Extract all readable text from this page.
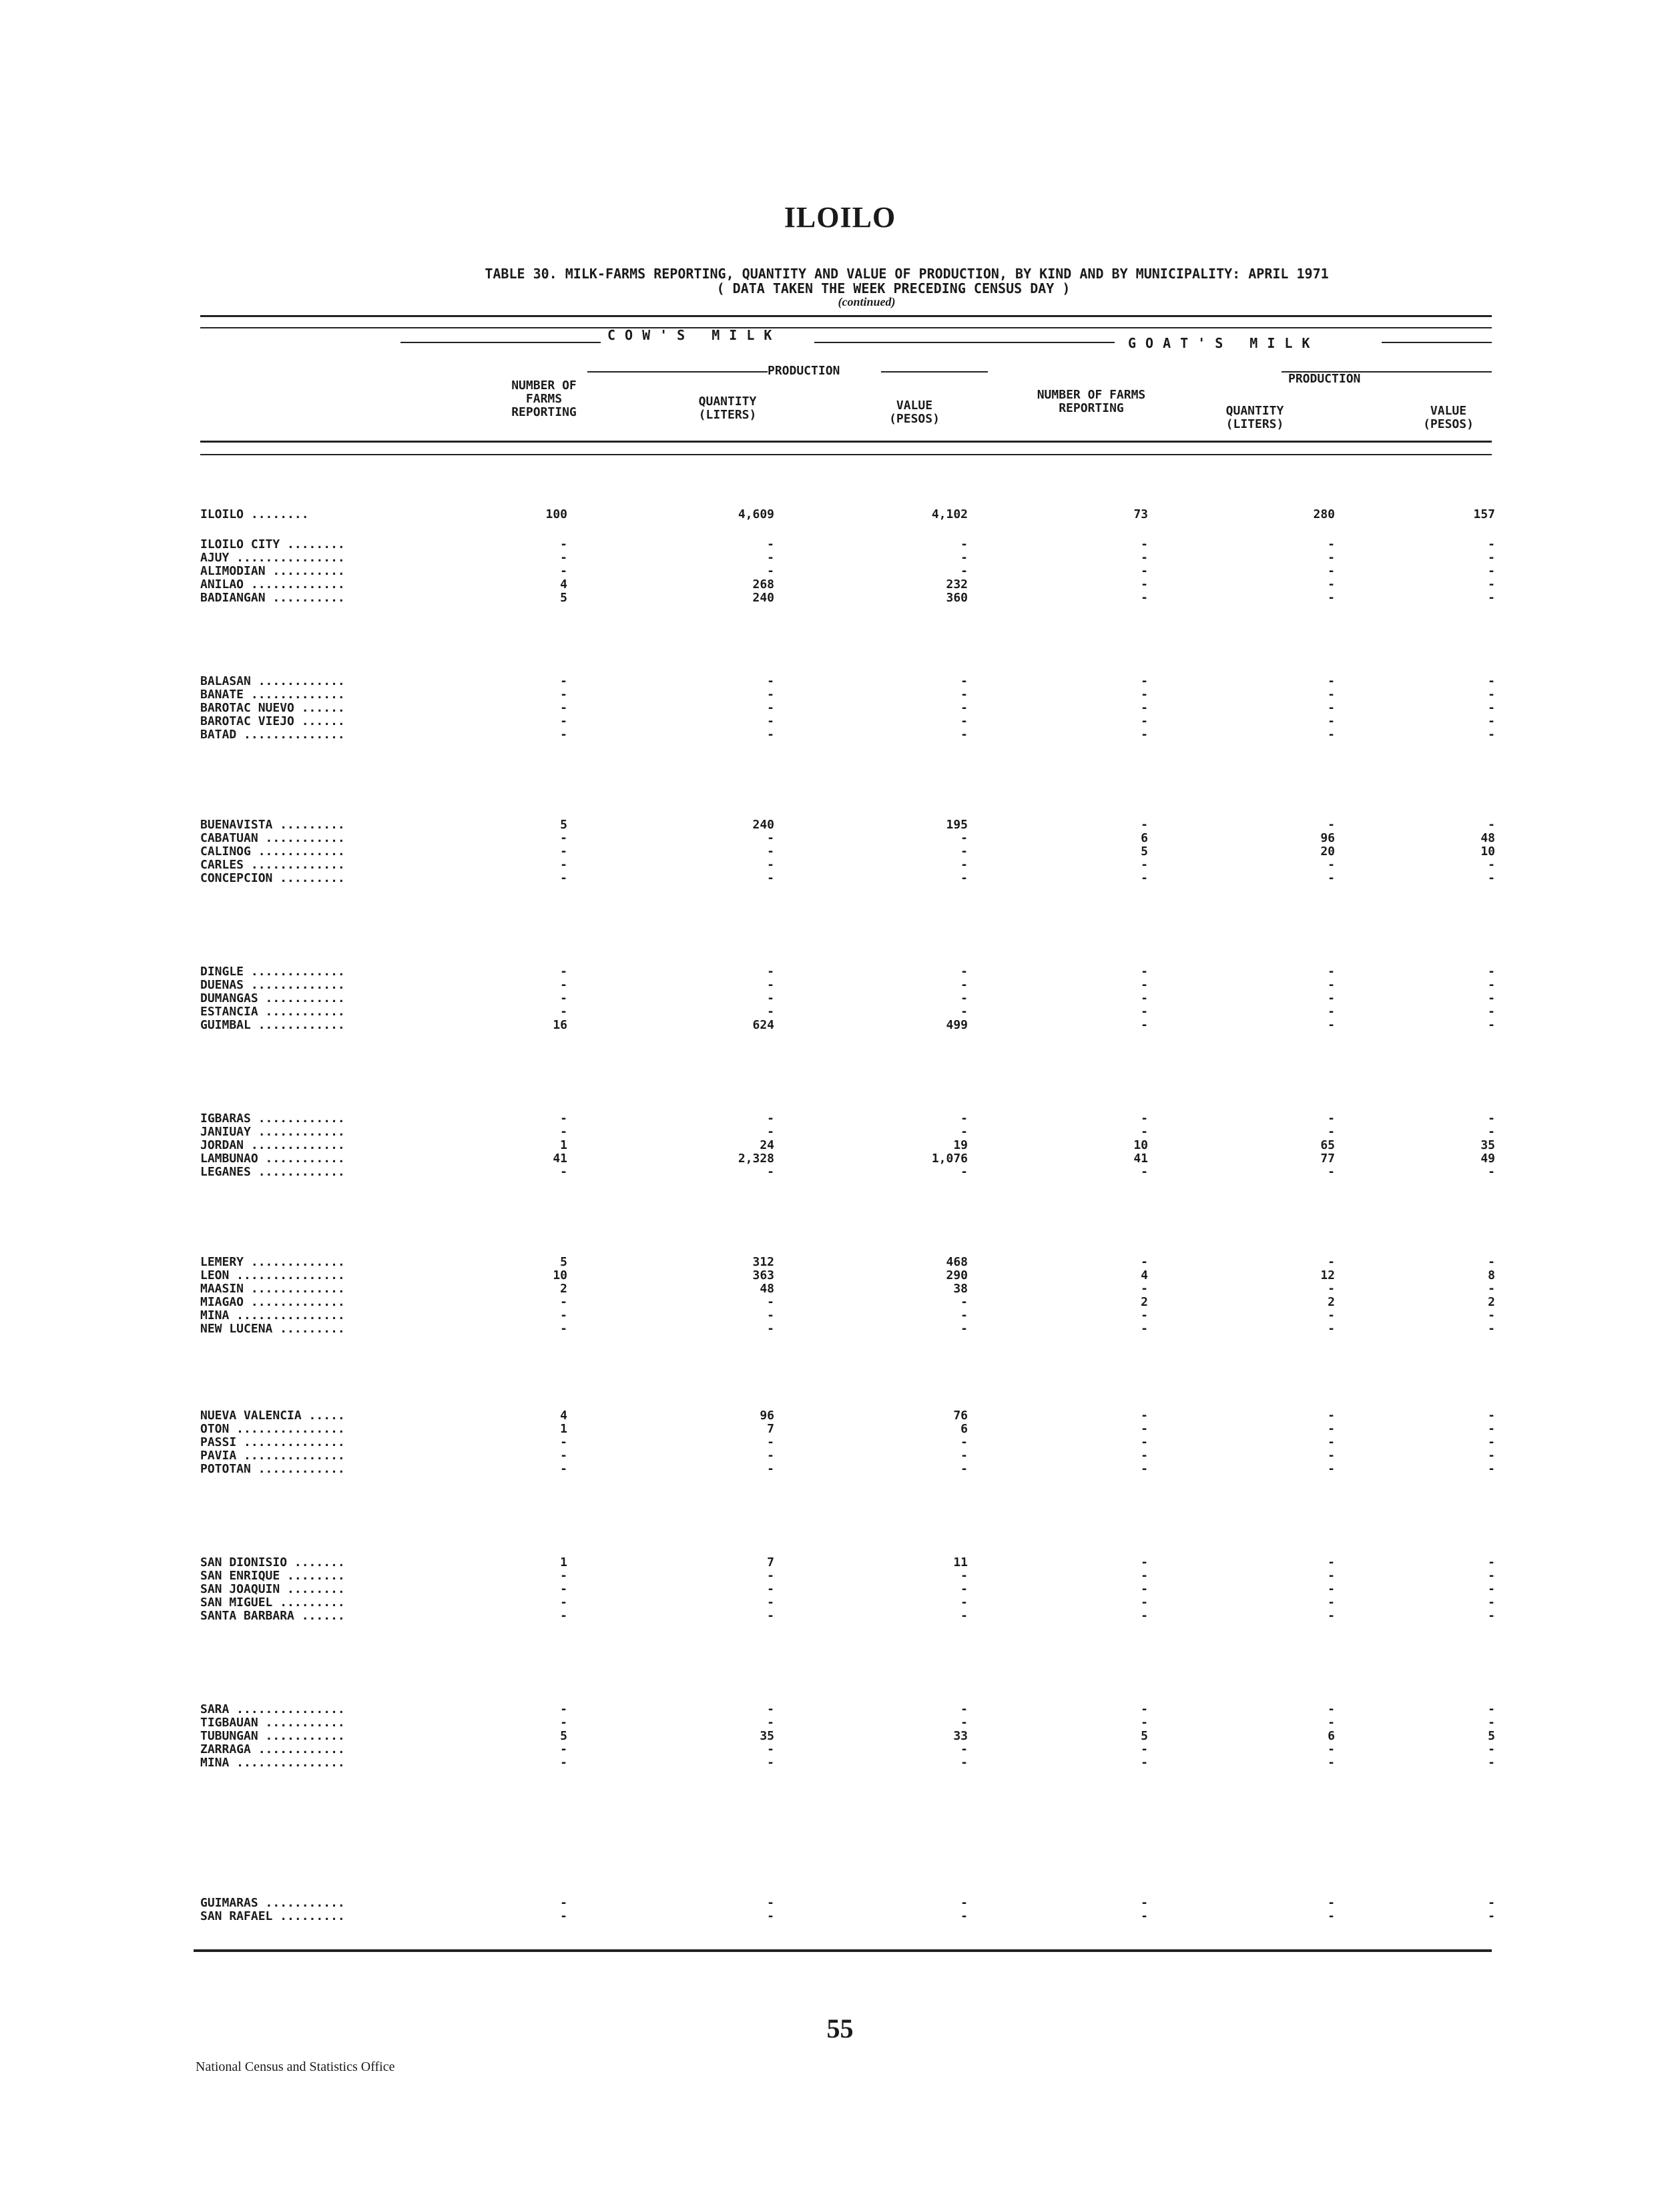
ILOILO
TABLE 30. MILK-FARMS REPORTING, QUANTITY AND VALUE OF PRODUCTION, BY KIND AND BY MUNICIPALITY: APRIL 1971
( DATA TAKEN THE WEEK PRECEDING CENSUS DAY )
(continued)
COW'S MILK	GOAT'S MILK
PRODUCTION
PRODUCTION
NUMBER OF FARMS REPORTING
QUANTITY (LITERS)
VALUE (PESOS)
NUMBER OF FARMS REPORTING	QUANTITY (LITERS)
VALUE (PESOS)
ILOILO ........	100	4,609	4,102	73	280	157
ILOILO CITY ........	-	-	-	-	-	-
AJUY ...............	-	-	-	-	-	-
ALIMODIAN ..........	-	-	-	-	-	-
ANILAO .............	4	268	232	-	-	-
BADIANGAN ..........	5	240	360	-	-	-
BALASAN ............	-	-	-	-	-	-
BANATE .............	-	-	-	-	-	-
BAROTAC NUEVO ......	-	-	-	-	-	-
BAROTAC VIEJO ......	-	-	-	-	-	-
BATAD ..............	-	-	-	-	-	-
BUENAVISTA .........	5	240	195	-	-	-
CABATUAN ...........	-	-	-	6	96	48
CALINOG ............	-	-	-	5	20	10
CARLES .............	-	-	-	-	-	-
CONCEPCION .........	-	-	-	-	-	-
DINGLE .............	-	-	-	-	-	-
DUENAS .............	-	-	-	-	-	-
DUMANGAS ...........	-	-	-	-	-	-
ESTANCIA ...........	-	-	-	-	-	-
GUIMBAL ............	16	624	499	-	-	-
IGBARAS ............	-	-	-	-	-	-
JANIUAY ............	-	-	-	-	-	-
JORDAN .............	1	24	19	10	65	35
LAMBUNAO ...........	41	2,328	1,076	41	77	49
LEGANES ............	-	-	-	-	-	-
LEMERY .............	5	312	468	-	-	-
LEON ...............	10	363	290	4	12	8
MAASIN .............	2	48	38	-	-	-
MIAGAO .............	-	-	-	2	2	2
MINA ...............	-	-	-	-	-	-
NEW LUCENA .........	-	-	-	-	-	-
NUEVA VALENCIA .....	4	96	76	-	-	-
OTON ...............	1	7	6	-	-	-
PASSI ..............	-	-	-	-	-	-
PAVIA ..............	-	-	-	-	-	-
POTOTAN ............	-	-	-	-	-	-
SAN DIONISIO .......	1	7	11	-	-	-
SAN ENRIQUE ........	-	-	-	-	-	-
SAN JOAQUIN ........	-	-	-	-	-	-
SAN MIGUEL .........	-	-	-	-	-	-
SANTA BARBARA ......	-	-	-	-	-	-
SARA ...............	-	-	-	-	-	-
TIGBAUAN ...........	-	-	-	-	-	-
TUBUNGAN ...........	5	35	33	5	6	5
ZARRAGA ............	-	-	-	-	-	-
MINA ...............	-	-	-	-	-	-
GUIMARAS ...........	-	-	-	-	-	-
SAN RAFAEL .........	-	-	-	-	-	-
55
National Census and Statistics Office
